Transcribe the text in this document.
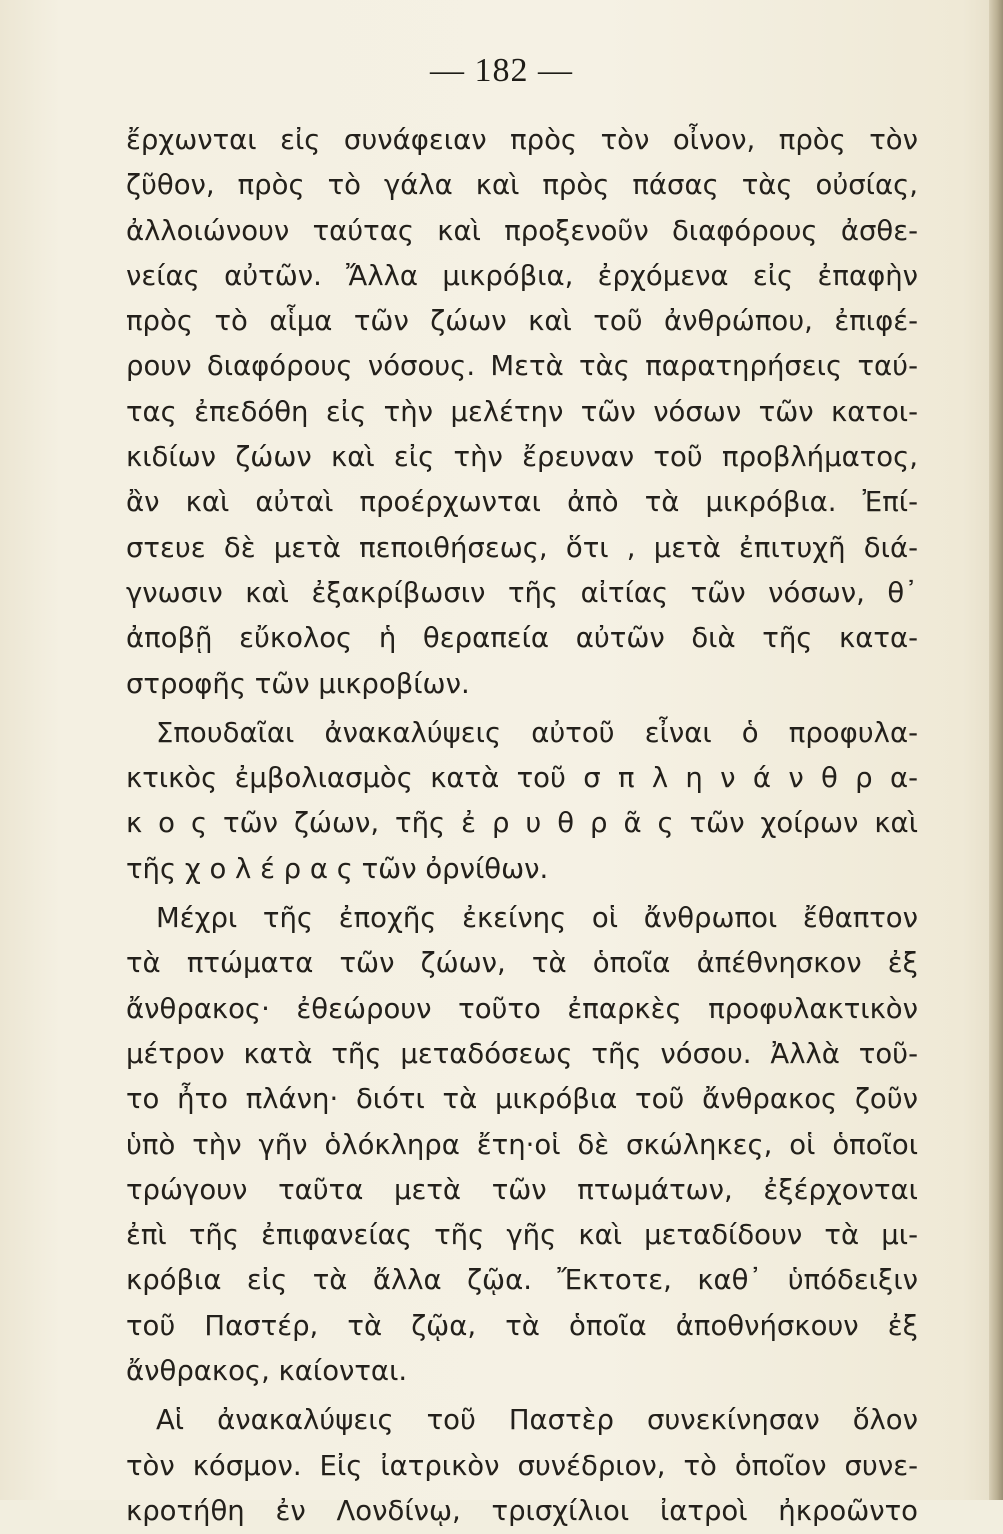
— 182 —
ἔρχωνται εἰς συνάφειαν πρὸς τὸν οἶνον, πρὸς τὸν
ζῦθον, πρὸς τὸ γάλα καὶ πρὸς πάσας τὰς οὐσίας,
ἀλλοιώνουν ταύτας καὶ προξενοῦν διαφόρους ἀσθε-
νείας αὐτῶν. Ἄλλα μικρόβια, ἐρχόμενα εἰς ἐπαφὴν
πρὸς τὸ αἷμα τῶν ζώων καὶ τοῦ ἀνθρώπου, ἐπιφέ-
ρουν διαφόρους νόσους. Μετὰ τὰς παρατηρήσεις ταύ-
τας ἐπεδόθη εἰς τὴν μελέτην τῶν νόσων τῶν κατοι-
κιδίων ζώων καὶ εἰς τὴν ἔρευναν τοῦ προβλήματος,
ἂν καὶ αὐταὶ προέρχωνται ἀπὸ τὰ μικρόβια. Ἐπί-
στευε δὲ μετὰ πεποιθήσεως, ὅτι , μετὰ ἐπιτυχῆ διά-
γνωσιν καὶ ἐξακρίβωσιν τῆς αἰτίας τῶν νόσων, θ᾿
ἀποβῇ εὔκολος ἡ θεραπεία αὐτῶν διὰ τῆς κατα-
στροφῆς τῶν μικροβίων.
Σπουδαῖαι ἀνακαλύψεις αὐτοῦ εἶναι ὁ προφυλα-
κτικὸς ἐμβολιασμὸς κατὰ τοῦ σ π λ η ν ά ν θ ρ α-
κ ο ς τῶν ζώων, τῆς ἐ ρ υ θ ρ ᾶ ς τῶν χοίρων καὶ
τῆς χ ο λ έ ρ α ς τῶν ὀρνίθων.
Μέχρι τῆς ἐποχῆς ἐκείνης οἱ ἄνθρωποι ἔθαπτον
τὰ πτώματα τῶν ζώων, τὰ ὁποῖα ἀπέθνησκον ἐξ
ἄνθρακος· ἐθεώρουν τοῦτο ἐπαρκὲς προφυλακτικὸν
μέτρον κατὰ τῆς μεταδόσεως τῆς νόσου. Ἀλλὰ τοῦ-
το ἦτο πλάνη· διότι τὰ μικρόβια τοῦ ἄνθρακος ζοῦν
ὑπὸ τὴν γῆν ὁλόκληρα ἔτη·οἱ δὲ σκώληκες, οἱ ὁποῖοι
τρώγουν ταῦτα μετὰ τῶν πτωμάτων, ἐξέρχονται
ἐπὶ τῆς ἐπιφανείας τῆς γῆς καὶ μεταδίδουν τὰ μι-
κρόβια εἰς τὰ ἄλλα ζῷα. Ἔκτοτε, καθ᾿ ὑπόδειξιν
τοῦ Παστέρ, τὰ ζῷα, τὰ ὁποῖα ἀποθνήσκουν ἐξ
ἄνθρακος, καίονται.
Αἱ ἀνακαλύψεις τοῦ Παστὲρ συνεκίνησαν ὅλον
τὸν κόσμον. Εἰς ἰατρικὸν συνέδριον, τὸ ὁποῖον συνε-
κροτήθη ἐν Λονδίνῳ, τρισχίλιοι ἰατροὶ ἠκροῶντο
